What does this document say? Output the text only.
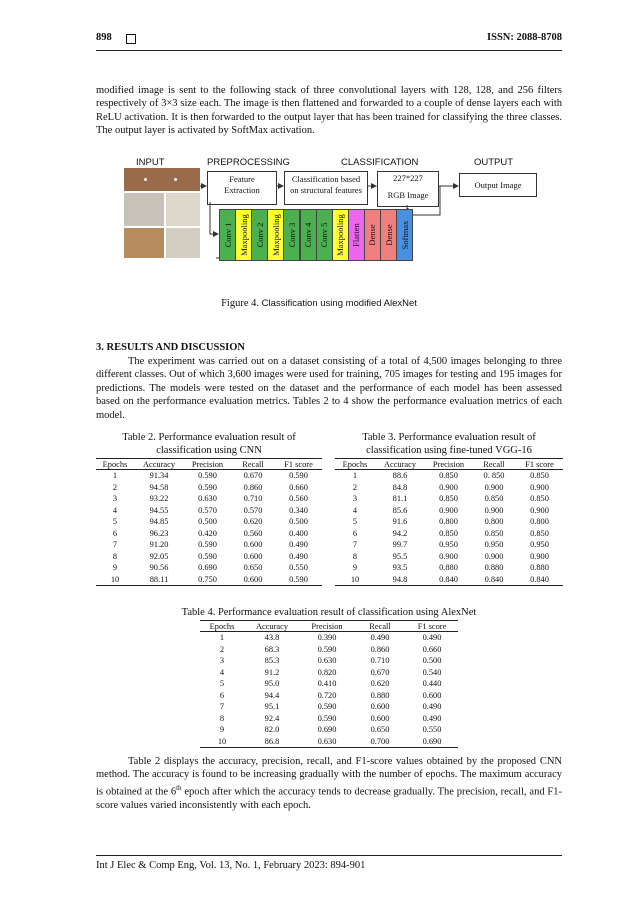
898	ISSN: 2088-8708
modified image is sent to the following stack of three convolutional layers with 128, 128, and 256 filters respectively of 3×3 size each. The image is then flattened and forwarded to a couple of dense layers each with ReLU activation. It is then forwarded to the output layer that has been trained for classifying the three classes. The output layer is activated by SoftMax activation.
INPUT	PREPROCESSING	CLASSIFICATION	OUTPUT
Feature
Extraction
Classification based
on structural features
227*227
RGB Image
Output Image
Conv 1 Maxpooling Conv 2 Maxpooling Conv 3 Conv 4 Conv 5 Maxpooling Flatten Dense Dense Softmax
Figure 4. Classification using modified AlexNet
3. RESULTS AND DISCUSSION
The experiment was carried out on a dataset consisting of a total of 4,500 images belonging to three different classes. Out of which 3,600 images were used for training, 705 images for testing and 195 images for predictions. The models were tested on the dataset and the performance of each model has been assessed based on the performance evaluation metrics. Tables 2 to 4 show the performance evaluation metrics of each model.
Table 2. Performance evaluation result of classification using CNN
Epochs	Accuracy	Precision	Recall	F1 score
1	91.34	0.590	0.670	0.590
2	94.58	0.590	0.860	0.660
3	93.22	0.630	0.710	0.560
4	94.55	0.570	0.570	0.340
5	94.85	0.500	0.620	0.500
6	96.23	0.420	0.560	0.400
7	91.20	0.590	0.600	0.490
8	92.05	0.590	0.600	0.490
9	90.56	0.690	0.650	0.550
10	88.11	0.750	0.600	0.590
Table 3. Performance evaluation result of classification using fine-tuned VGG-16
Epochs	Accuracy	Precision	Recall	F1 score
1	88.6	0.850	0. 850	0.850
2	84.8	0.900	0.900	0.900
3	81.1	0.850	0.850	0.850
4	85.6	0.900	0.900	0.900
5	91.6	0.800	0.800	0.800
6	94.2	0.850	0.850	0.850
7	99.7	0.950	0.950	0.950
8	95.5	0.900	0.900	0.900
9	93.5	0.880	0.880	0.880
10	94.8	0.840	0.840	0.840
Table 4. Performance evaluation result of classification using AlexNet
Epochs	Accuracy	Precision	Recall	F1 score
1	43.8	0.390	0.490	0.490
2	68.3	0.590	0.860	0.660
3	85.3	0.630	0.710	0.500
4	91.2	0.820	0.670	0.540
5	95.0	0.410	0.620	0.440
6	94.4	0.720	0.880	0.600
7	95.1	0.590	0.600	0.490
8	92.4	0.590	0.600	0.490
9	82.0	0.690	0.650	0.550
10	86.8	0.630	0.700	0.690
Table 2 displays the accuracy, precision, recall, and F1-score values obtained by the proposed CNN method. The accuracy is found to be increasing gradually with the number of epochs. The maximum accuracy is obtained at the 6th epoch after which the accuracy tends to decrease gradually. The precision, recall, and F1-score values varied inconsistently with each epoch.
Int J Elec & Comp Eng, Vol. 13, No. 1, February 2023: 894-901
